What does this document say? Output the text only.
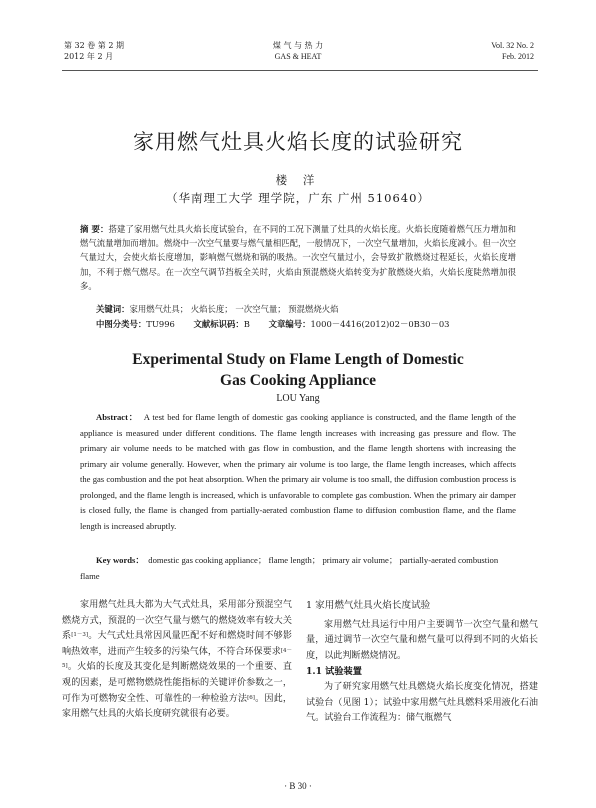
第 32 卷 第 2 期
2012 年 2 月
煤 气 与 热 力
GAS & HEAT
Vol. 32 No. 2
Feb. 2012
家用燃气灶具火焰长度的试验研究
楼 洋
（华南理工大学 理学院，广东 广州 510640）
摘 要：搭建了家用燃气灶具火焰长度试验台，在不同的工况下测量了灶具的火焰长度。火焰长度随着燃气压力增加和燃气流量增加而增加。燃烧中一次空气量要与燃气量相匹配，一般情况下，一次空气量增加，火焰长度减小。但一次空气量过大，会使火焰长度增加，影响燃气燃烧和锅的吸热。一次空气量过小，会导致扩散燃烧过程延长，火焰长度增加，不利于燃气燃尽。在一次空气调节挡板全关时，火焰由预混燃烧火焰转变为扩散燃烧火焰，火焰长度陡然增加很多。
关键词：家用燃气灶具； 火焰长度； 一次空气量； 预混燃烧火焰
中图分类号：TU996 文献标识码：B 文章编号：1000－4416(2012)02－0B30－03
Experimental Study on Flame Length of Domestic
Gas Cooking Appliance
LOU Yang
Abstract： A test bed for flame length of domestic gas cooking appliance is constructed, and the flame length of the appliance is measured under different conditions. The flame length increases with increasing gas pressure and flow. The primary air volume needs to be matched with gas flow in combustion, and the flame length shortens with increasing the primary air volume generally. However, when the primary air volume is too large, the flame length increases, which affects the gas combustion and the pot heat absorption. When the primary air volume is too small, the diffusion combustion process is prolonged, and the flame length is increased, which is unfavorable to complete gas combustion. When the primary air damper is closed fully, the flame is changed from partially-aerated combustion flame to diffusion combustion flame, and the flame length is increased abruptly.
Key words： domestic gas cooking appliance； flame length； primary air volume； partially-aerated combustion flame

家用燃气灶具大都为大气式灶具，采用部分预混空气燃烧方式，预混的一次空气量与燃气的燃烧效率有较大关系[1－3]。大气式灶具常因风量匹配不好和燃烧时间不够影响热效率，进而产生较多的污染气体，不符合环保要求[4－5]。火焰的长度及其变化是判断燃烧效果的一个重要、直观的因素，是可燃物燃烧性能指标的关键评价参数之一，可作为可燃物安全性、可靠性的一种检验方法[6]。因此，家用燃气灶具的火焰长度研究就很有必要。

1 家用燃气灶具火焰长度试验

家用燃气灶具运行中用户主要调节一次空气量和燃气量，通过调节一次空气量和燃气量可以得到不同的火焰长度，以此判断燃烧情况。

1.1 试验装置

为了研究家用燃气灶具燃烧火焰长度变化情况，搭建试验台（见图 1）；试验中家用燃气灶具燃料采用液化石油气。试验台工作流程为：储气瓶燃气

· B 30 ·
